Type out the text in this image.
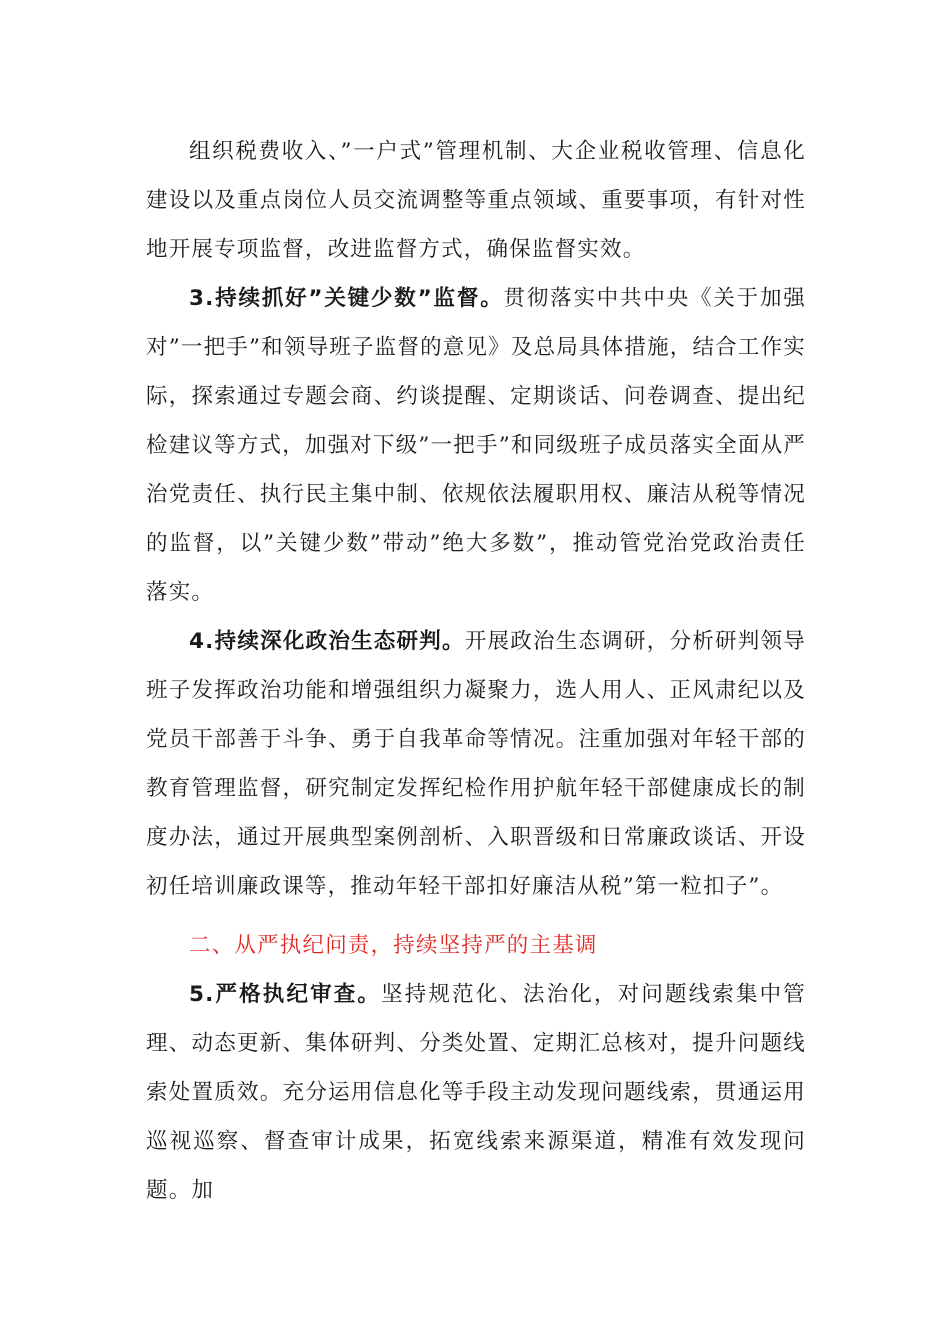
组织税费收入、”一户式”管理机制、大企业税收管理、信息化建设以及重点岗位人员交流调整等重点领域、重要事项，有针对性地开展专项监督，改进监督方式，确保监督实效。

3.持续抓好”关键少数”监督。贯彻落实中共中央《关于加强对”一把手”和领导班子监督的意见》及总局具体措施，结合工作实际，探索通过专题会商、约谈提醒、定期谈话、问卷调查、提出纪检建议等方式，加强对下级”一把手”和同级班子成员落实全面从严治党责任、执行民主集中制、依规依法履职用权、廉洁从税等情况的监督，以”关键少数”带动”绝大多数”，推动管党治党政治责任落实。

4.持续深化政治生态研判。开展政治生态调研，分析研判领导班子发挥政治功能和增强组织力凝聚力，选人用人、正风肃纪以及党员干部善于斗争、勇于自我革命等情况。注重加强对年轻干部的教育管理监督，研究制定发挥纪检作用护航年轻干部健康成长的制度办法，通过开展典型案例剖析、入职晋级和日常廉政谈话、开设初任培训廉政课等，推动年轻干部扣好廉洁从税”第一粒扣子”。

二、从严执纪问责，持续坚持严的主基调

5.严格执纪审查。坚持规范化、法治化，对问题线索集中管理、动态更新、集体研判、分类处置、定期汇总核对，提升问题线索处置质效。充分运用信息化等手段主动发现问题线索，贯通运用巡视巡察、督查审计成果，拓宽线索来源渠道，精准有效发现问题。加
